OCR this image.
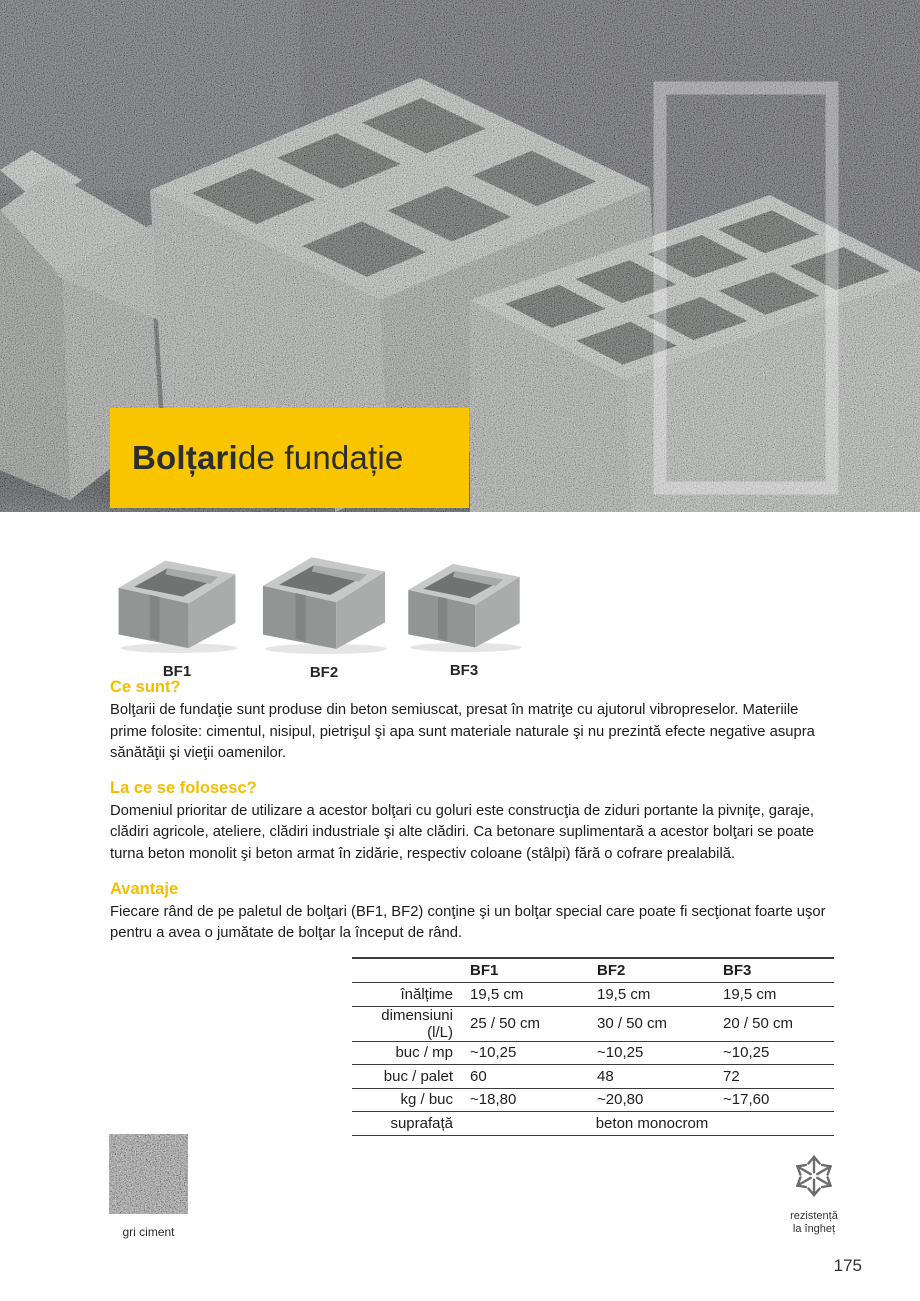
Bolțari de fundație
BF1	BF2	BF3
Ce sunt?

Bolţarii de fundaţie sunt produse din beton semiuscat, presat în matriţe cu ajutorul vibropreselor. Materiile prime folosite: cimentul, nisipul, pietrişul şi apa sunt materiale naturale şi nu prezintă efecte negative asupra sănătăţii şi vieţii oamenilor.

La ce se folosesc?

Domeniul prioritar de utilizare a acestor bolţari cu goluri este construcţia de ziduri portante la pivniţe, garaje, clădiri agricole, ateliere, clădiri industriale şi alte clădiri. Ca betonare suplimentară a acestor bolţari se poate turna beton monolit şi beton armat în zidărie, respectiv coloane (stâlpi) fără o cofrare prealabilă.

Avantaje

Fiecare rând de pe paletul de bolţari (BF1, BF2) conţine şi un bolţar special care poate fi secţionat foarte uşor pentru a avea o jumătate de bolţar la început de rând.

	BF1	BF2	BF3
înălțime	19,5 cm	19,5 cm	19,5 cm
dimensiuni (l/L)	25 / 50 cm	30 / 50 cm	20 / 50 cm
buc / mp	~10,25	~10,25	~10,25
buc / palet	60	48	72
kg / buc	~18,80	~20,80	~17,60
suprafață	beton monocrom		
gri ciment
rezistență
la îngheț
175
